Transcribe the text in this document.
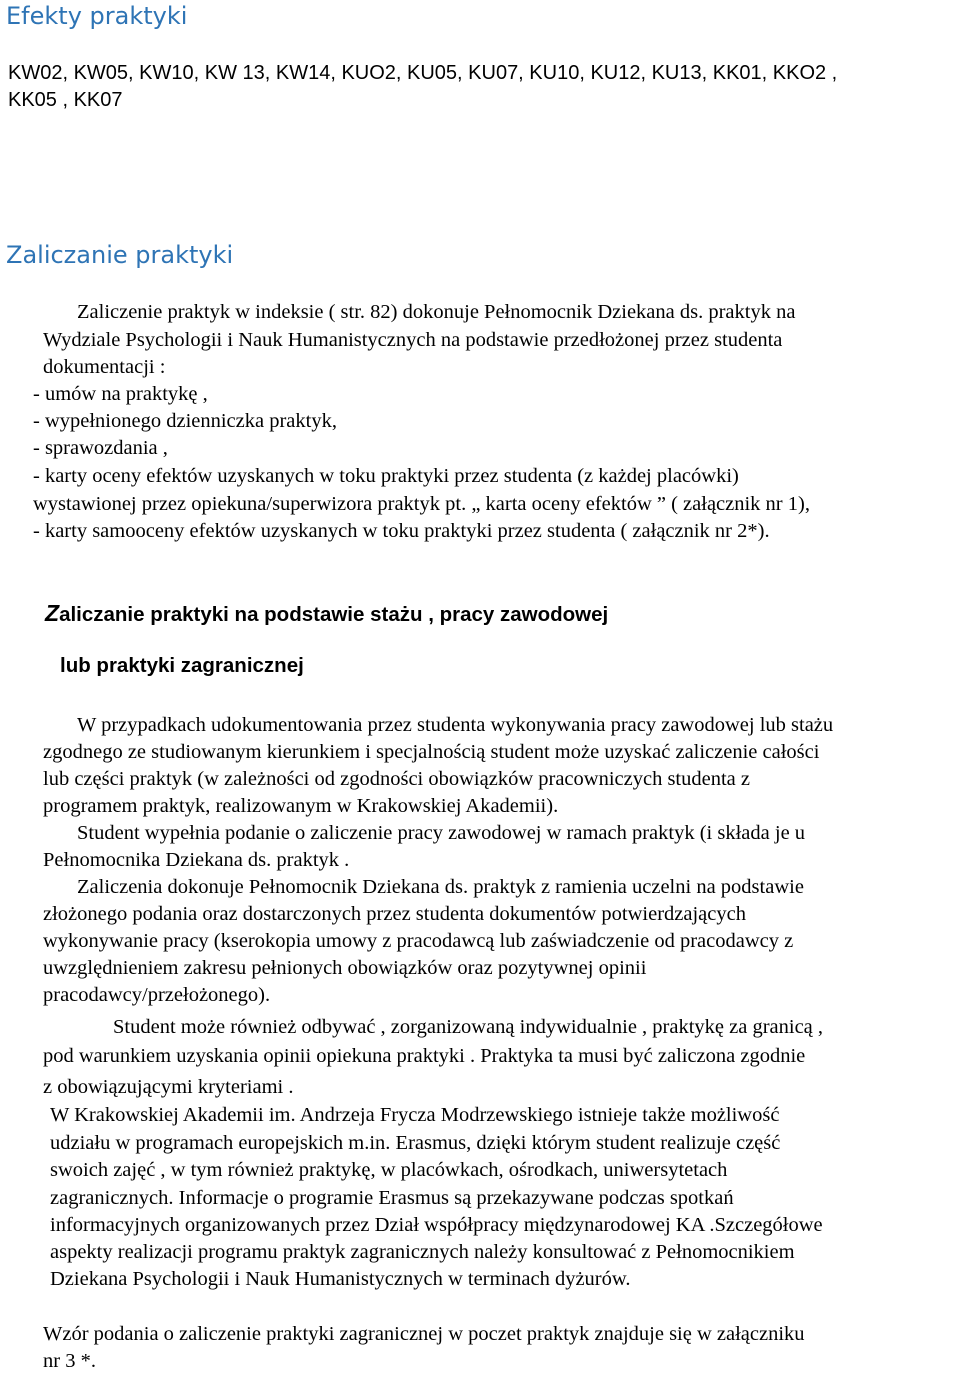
Efekty praktyki
KW02, KW05, KW10, KW 13, KW14, KUO2, KU05, KU07, KU10, KU12, KU13, KK01, KKO2 ,
KK05 , KK07
Zaliczanie praktyki
Zaliczenie praktyk w indeksie ( str. 82) dokonuje Pełnomocnik Dziekana ds. praktyk na
Wydziale Psychologii i Nauk Humanistycznych na podstawie przedłożonej przez studenta
dokumentacji :
- umów na praktykę ,
- wypełnionego dzienniczka praktyk,
- sprawozdania ,
- karty oceny efektów uzyskanych w toku praktyki przez studenta (z każdej placówki)
wystawionej przez opiekuna/superwizora praktyk pt. „ karta oceny efektów ” ( załącznik nr 1),
- karty samooceny efektów uzyskanych w toku praktyki przez studenta ( załącznik nr 2*).
Zaliczanie praktyki na podstawie stażu , pracy zawodowej
lub praktyki zagranicznej
W przypadkach udokumentowania przez studenta wykonywania pracy zawodowej lub stażu
zgodnego ze studiowanym kierunkiem i specjalnością student może uzyskać zaliczenie całości
lub części praktyk (w zależności od zgodności obowiązków pracowniczych studenta z
programem praktyk, realizowanym w Krakowskiej Akademii).
Student wypełnia podanie o zaliczenie pracy zawodowej w ramach praktyk (i składa je u
Pełnomocnika Dziekana ds. praktyk .
Zaliczenia dokonuje Pełnomocnik Dziekana ds. praktyk z ramienia uczelni na podstawie
złożonego podania oraz dostarczonych przez studenta dokumentów potwierdzających
wykonywanie pracy (kserokopia umowy z pracodawcą lub zaświadczenie od pracodawcy z
uwzględnieniem zakresu pełnionych obowiązków oraz pozytywnej opinii
pracodawcy/przełożonego).
Student może również odbywać , zorganizowaną indywidualnie , praktykę za granicą ,
pod warunkiem uzyskania opinii opiekuna praktyki . Praktyka ta musi być zaliczona zgodnie
z obowiązującymi kryteriami .
W Krakowskiej Akademii im. Andrzeja Frycza Modrzewskiego istnieje także możliwość
udziału w programach europejskich m.in. Erasmus, dzięki którym student realizuje część
swoich zajęć , w tym również praktykę, w placówkach, ośrodkach, uniwersytetach
zagranicznych. Informacje o programie Erasmus są przekazywane podczas spotkań
informacyjnych organizowanych przez Dział współpracy międzynarodowej KA .Szczegółowe
aspekty realizacji programu praktyk zagranicznych należy konsultować z Pełnomocnikiem
Dziekana Psychologii i Nauk Humanistycznych w terminach dyżurów.
Wzór podania o zaliczenie praktyki zagranicznej w poczet praktyk znajduje się w załączniku
nr 3 *.
